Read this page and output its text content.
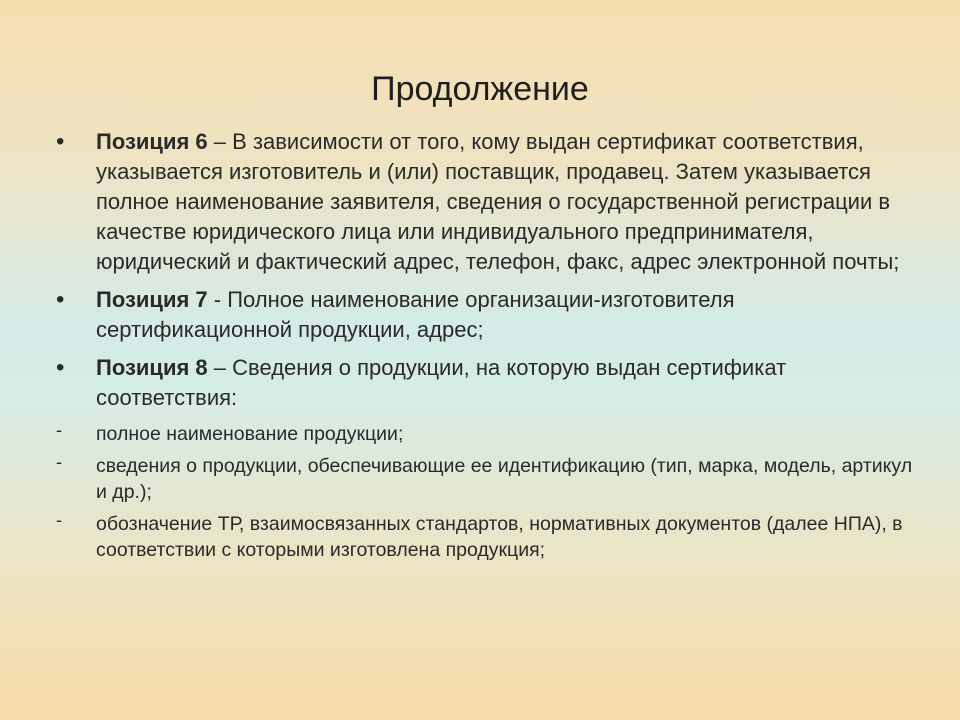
Продолжение
• Позиция 6 – В зависимости от того, кому выдан сертификат соответствия, указывается изготовитель и (или) поставщик, продавец. Затем указывается полное наименование заявителя, сведения о государственной регистрации в качестве юридического лица или индивидуального предпринимателя, юридический и фактический адрес, телефон, факс, адрес электронной почты;
• Позиция 7 - Полное наименование организации-изготовителя сертификационной продукции, адрес;
• Позиция 8 – Сведения о продукции, на которую выдан сертификат соответствия:
- полное наименование продукции;
- сведения о продукции, обеспечивающие ее идентификацию (тип, марка, модель, артикул и др.);
- обозначение ТР, взаимосвязанных стандартов, нормативных документов (далее НПА), в соответствии с которыми изготовлена продукция;
